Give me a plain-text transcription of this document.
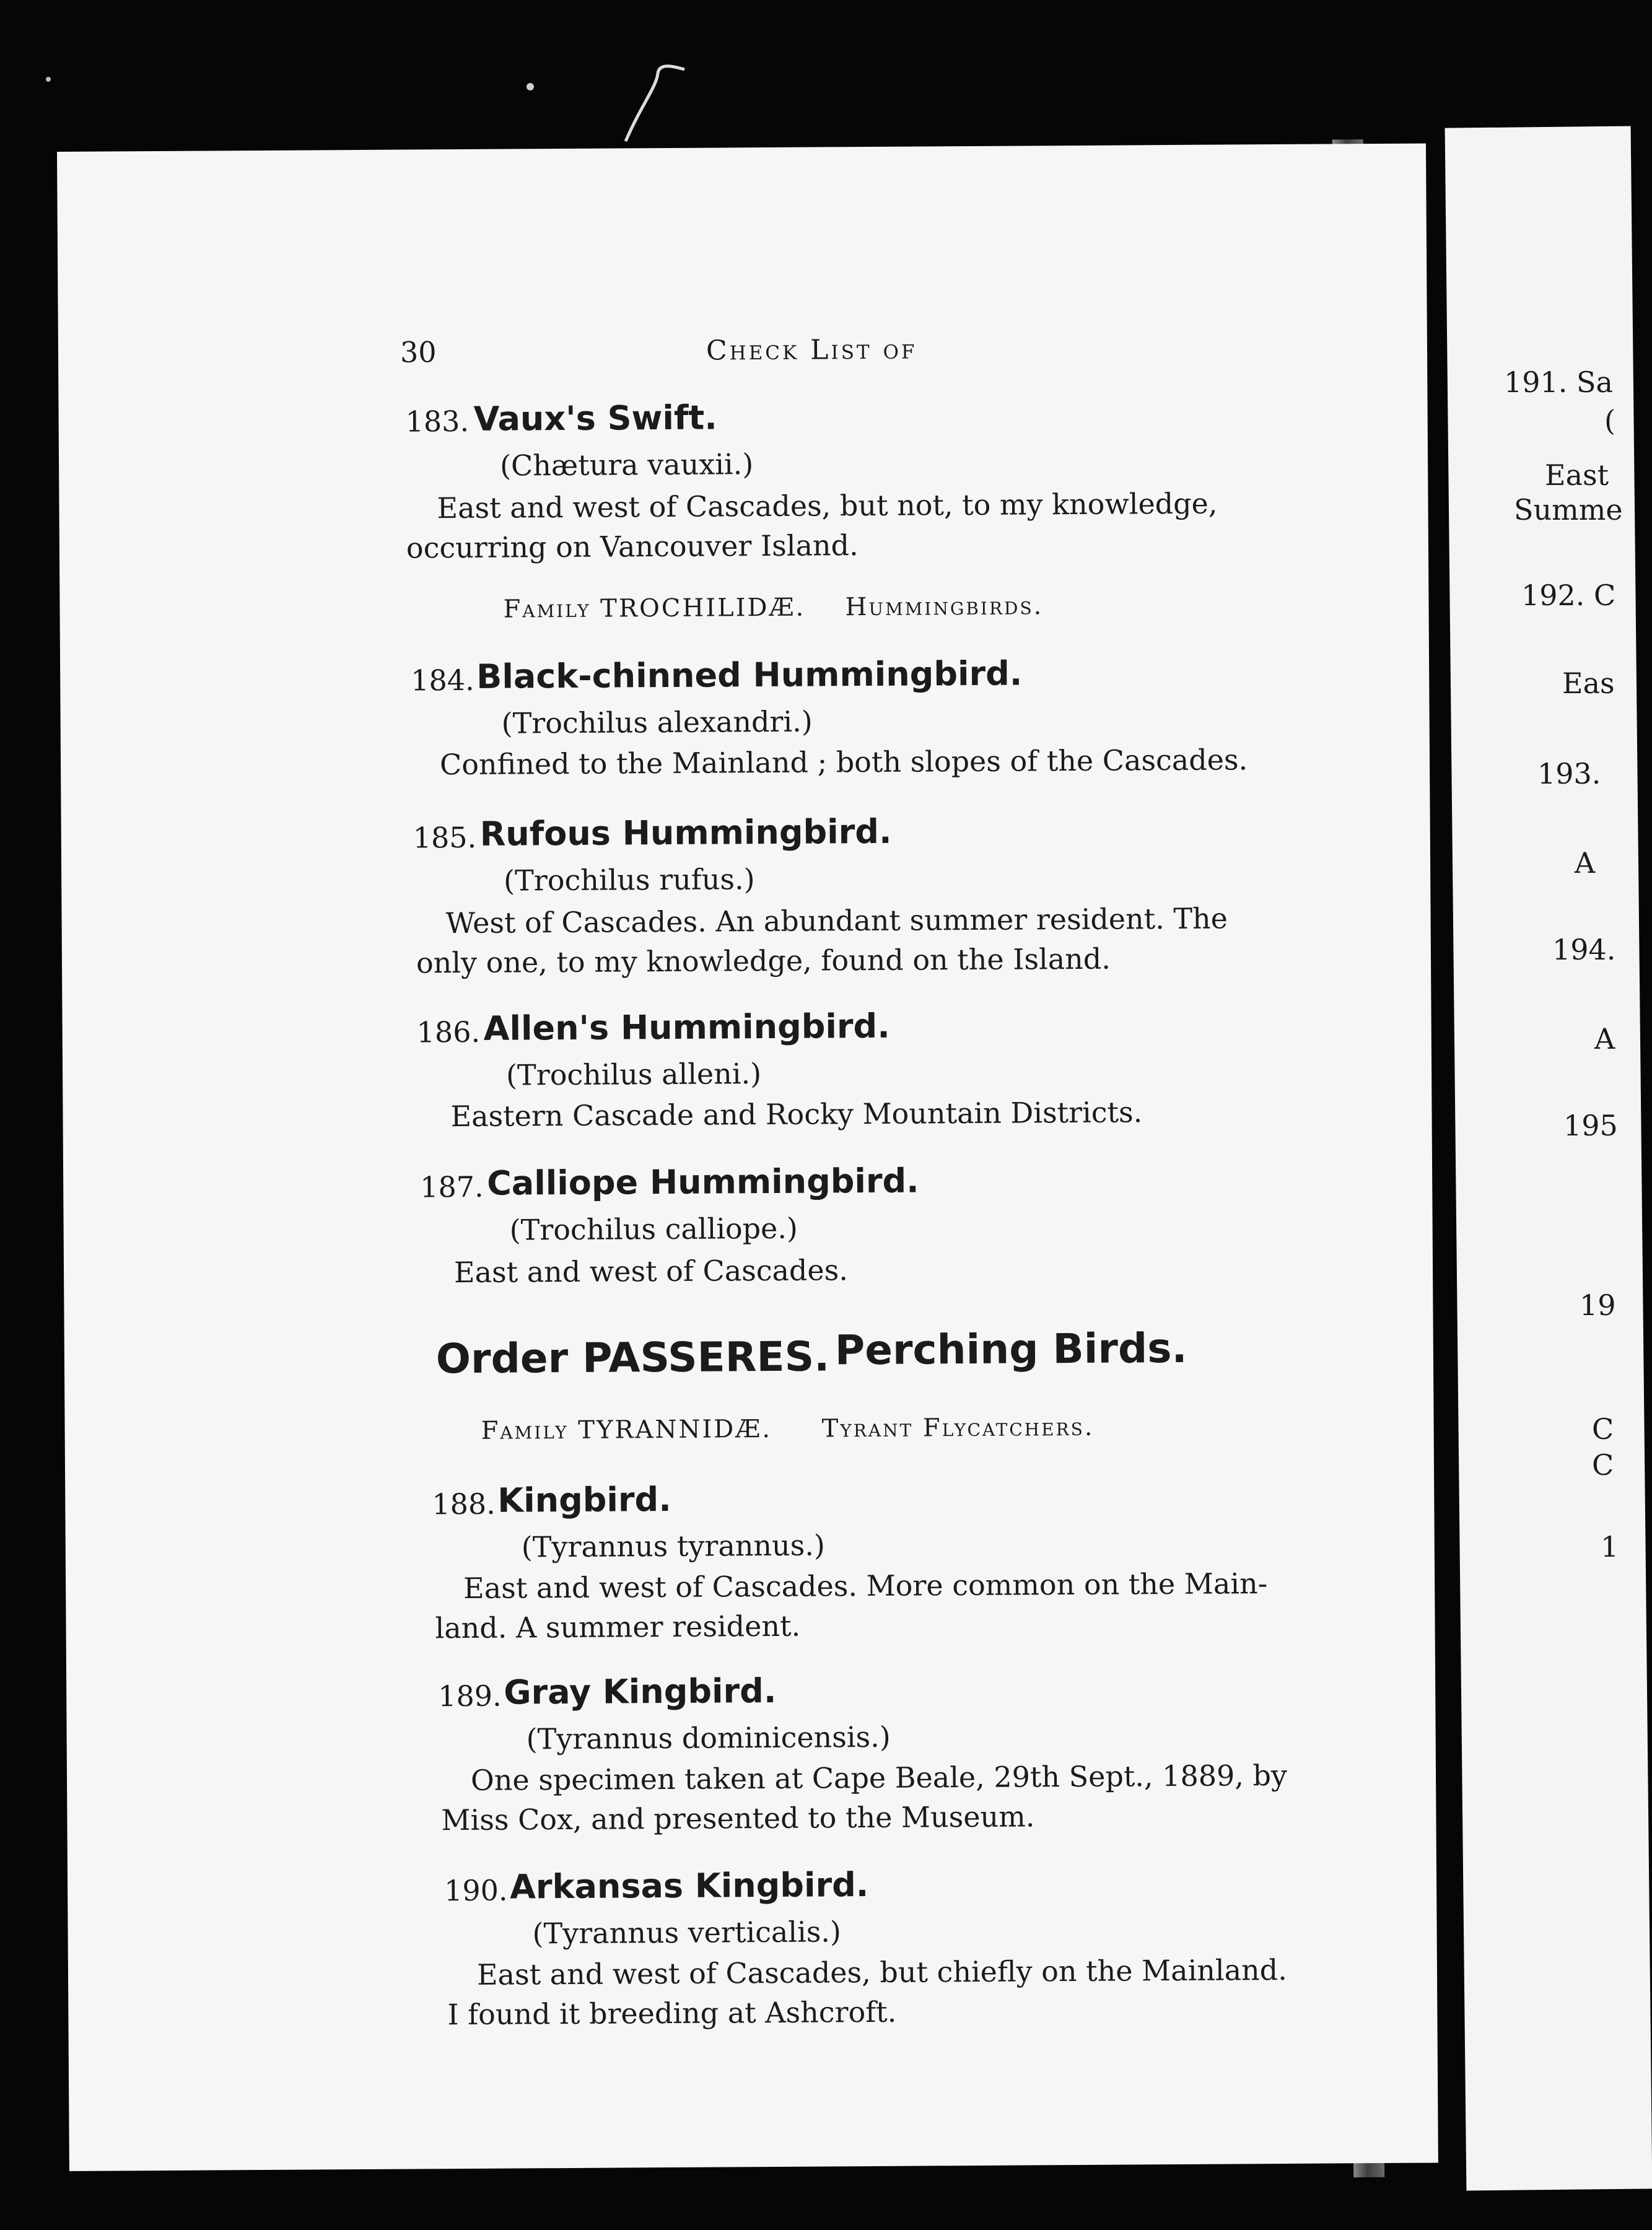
30	Check List of
183. Vaux's Swift.
(Chætura vauxii.)
East and west of Cascades, but not, to my knowledge,
occurring on Vancouver Island.
Family TROCHILIDÆ. Hummingbirds.
184. Black-chinned Hummingbird.
(Trochilus alexandri.)
Confined to the Mainland ; both slopes of the Cascades.
185. Rufous Hummingbird.
(Trochilus rufus.)
West of Cascades. An abundant summer resident. The
only one, to my knowledge, found on the Island.
186. Allen's Hummingbird.
(Trochilus alleni.)
Eastern Cascade and Rocky Mountain Districts.
187. Calliope Hummingbird.
(Trochilus calliope.)
East and west of Cascades.
Order PASSERES. Perching Birds.
Family TYRANNIDÆ. Tyrant Flycatchers.
188. Kingbird.
(Tyrannus tyrannus.)
East and west of Cascades. More common on the Main-
land. A summer resident.
189. Gray Kingbird.
(Tyrannus dominicensis.)
One specimen taken at Cape Beale, 29th Sept., 1889, by
Miss Cox, and presented to the Museum.
190. Arkansas Kingbird.
(Tyrannus verticalis.)
East and west of Cascades, but chiefly on the Mainland.
I found it breeding at Ashcroft.
191. Sa
(
East
Summe
192. C
Eas
193.
A
194.
A
195
19
C
C
1
